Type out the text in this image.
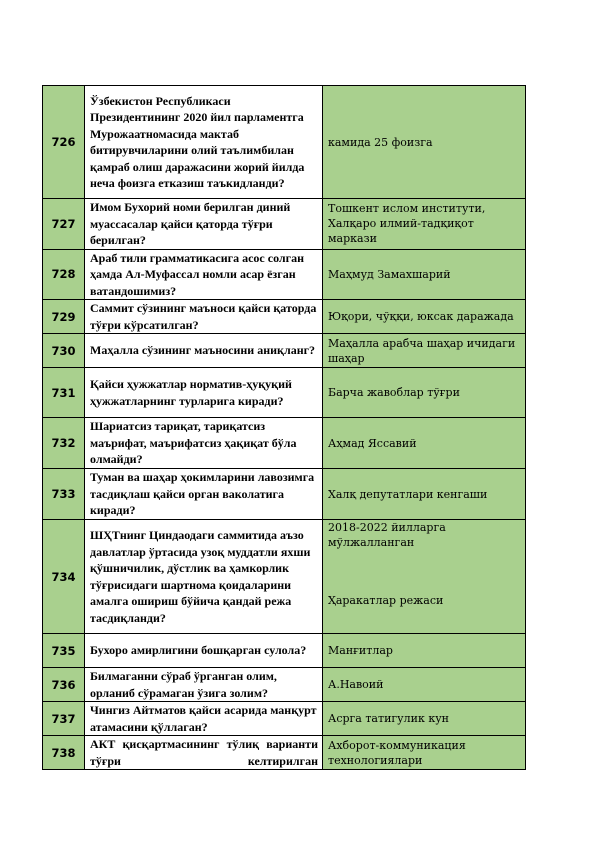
726	Ўзбекистон Республикаси Президентининг 2020 йил парламентга Мурожаатномасида мактаб битирувчиларини олий таълимбилан қамраб олиш даражасини жорий йилда неча фоизга етказиш таъкидланди?	камида 25 фоизга
727	Имом Бухорий номи берилган диний муассасалар қайси қаторда тўғри берилган?	Тошкент ислом институти, Халқаро илмий-тадқиқот маркази
728	Араб тили грамматикасига асос солган ҳамда Ал-Муфассал номли асар ёзган ватандошимиз?	Маҳмуд Замахшарий
729	Саммит сўзининг маъноси қайси қаторда тўғри кўрсатилган?	Юқори, чўққи, юксак даражада
730	Маҳалла сўзининг маъносини аниқланг?	Маҳалла арабча шаҳар ичидаги шаҳар
731	Қайси ҳужжатлар норматив-ҳуқуқий ҳужжатларнинг турларига киради?	Барча жавоблар тўғри
732	Шариатсиз тариқат, тариқатсиз маърифат, маърифатсиз ҳақиқат бўла олмайди?	Аҳмад Яссавий
733	Туман ва шаҳар ҳокимларини лавозимга тасдиқлаш қайси орган ваколатига киради?	Халқ депутатлари кенгаши
734	ШҲТнинг Циндаодаги саммитида аъзо давлатлар ўртасида узоқ муддатли яхши қўшничилик, дўстлик ва ҳамкорлик тўғрисидаги шартнома қоидаларини амалга ошириш бўйича қандай режа тасдиқланди?	2018-2022 йилларга мўлжалланган
Ҳаракатлар режаси
735	Бухоро амирлигини бошқарган сулола?	Манғитлар
736	Билмаганни сўраб ўрганган олим, орланиб сўрамаган ўзига золим?	А.Навоий
737	Чингиз Айтматов қайси асарида манқурт атамасини қўллаган?	Асрга татигулик кун
738	АКТ қисқартмасининг тўлиқ варианти тўғри келтирилган	Ахборот-коммуникация технологиялари
